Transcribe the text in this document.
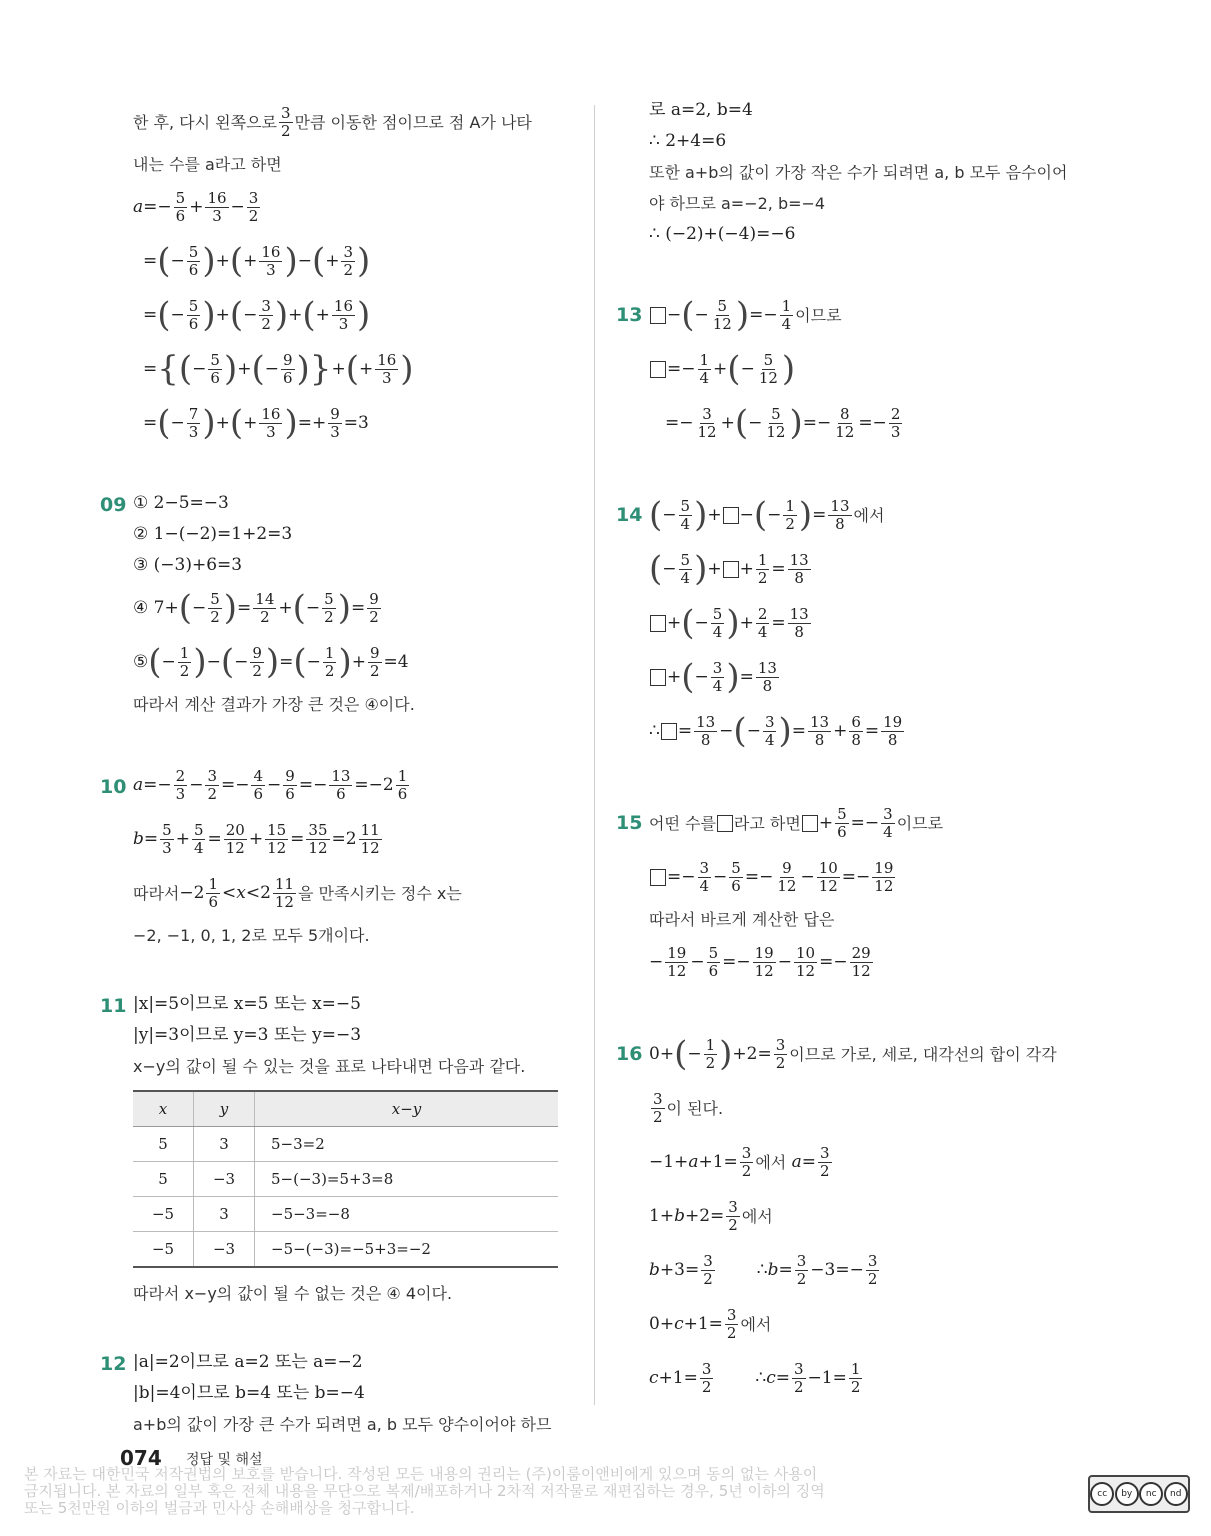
한 후, 다시 왼쪽으로 $\frac{3}{2}$ 만큼 이동한 점이므로 점 A가 나타
내는 수를 a라고 하면
$a =- \frac{5}{6} + \frac{16}{3} - \frac{3}{2}$
= ( − $\frac{5}{6}$ ) + ( + $\frac{16}{3}$ ) − ( + $\frac{3}{2}$ )
= ( − $\frac{5}{6}$ ) + ( − $\frac{3}{2}$ ) + ( + $\frac{16}{3}$ )
= { ( − $\frac{5}{6}$ ) + ( − $\frac{9}{6}$ ) } + ( + $\frac{16}{3}$ )
= ( − $\frac{7}{3}$ ) + ( + $\frac{16}{3}$ ) =+ $\frac{9}{3} =3$
09 ① 2−5=−3
② 1−(−2)=1+2=3
③ (−3)+6=3
④ 7+ ( − $\frac{5}{2}$ ) = $\frac{14}{2}$ + ( − $\frac{5}{2}$ ) = $\frac{9}{2}$
⑤ ( − $\frac{1}{2}$ ) − ( − $\frac{9}{2}$ ) = ( − $\frac{1}{2}$ ) + $\frac{9}{2} =4$
따라서 계산 결과가 가장 큰 것은 ④이다.
10 $a =- \frac{2}{3} - \frac{3}{2} =- \frac{4}{6} - \frac{9}{6} =- \frac{13}{6} =-2 \frac{1}{6}$
$b = \frac{5}{3} + \frac{5}{4} = \frac{20}{12} + \frac{15}{12} = \frac{35}{12} =2 \frac{11}{12}$
따라서 $-2 \frac{1}{6} < x <2 \frac{11}{12}$ 을 만족시키는 정수 x는
−2, −1, 0, 1, 2로 모두 5개이다.
11 |x|=5이므로 x=5 또는 x=−5
|y|=3이므로 y=3 또는 y=−3
x−y의 값이 될 수 있는 것을 표로 나타내면 다음과 같다.
x	y	x−y
5	3	5−3=2
5	−3	5−(−3)=5+3=8
−5	3	−5−3=−8
−5	−3	−5−(−3)=−5+3=−2
따라서 x−y의 값이 될 수 없는 것은 ④ 4이다.
12 |a|=2이므로 a=2 또는 a=−2
|b|=4이므로 b=4 또는 b=−4
a+b의 값이 가장 큰 수가 되려면 a, b 모두 양수이어야 하므
로 a=2, b=4
∴ 2+4=6
또한 a+b의 값이 가장 작은 수가 되려면 a, b 모두 음수이어
야 하므로 a=−2, b=−4
∴ (−2)+(−4)=−6
13	− ( − $\frac{5}{12}$ ) =− $\frac{1}{4}$ 이므로
=− $\frac{1}{4}$ + ( − $\frac{5}{12}$ )
=− $\frac{3}{12}$ + ( − $\frac{5}{12}$ ) =− $\frac{8}{12} =- \frac{2}{3}$
14 ( − $\frac{5}{4}$ ) + − ( − $\frac{1}{2}$ ) = $\frac{13}{8}$ 에서
( − $\frac{5}{4}$ ) + + $\frac{1}{2} = \frac{13}{8}$
+ ( − $\frac{5}{4}$ ) + $\frac{2}{4} = \frac{13}{8}$
+ ( − $\frac{3}{4}$ ) = $\frac{13}{8}$
∴
= $\frac{13}{8}$ − ( − $\frac{3}{4}$ ) = $\frac{13}{8} + \frac{6}{8} = \frac{19}{8}$
15 어떤 수를 라고 하면 + $\frac{5}{6} =- \frac{3}{4}$ 이므로
=− $\frac{3}{4} - \frac{5}{6} =- \frac{9}{12} - \frac{10}{12} =- \frac{19}{12}$
따라서 바르게 계산한 답은
− $\frac{19}{12} - \frac{5}{6} =- \frac{19}{12} - \frac{10}{12} =- \frac{29}{12}$
16 0+ ( − $\frac{1}{2}$ ) $+2= \frac{3}{2}$ 이므로 가로, 세로, 대각선의 합이 각각
$\frac{3}{2}$ 이 된다.
$-1+ a +1= \frac{3}{2}$ 에서
$a = \frac{3}{2}$
$1+ b +2= \frac{3}{2}$ 에서
$b +3= \frac{3}{2}$ ∴ $b = \frac{3}{2} -3=- \frac{3}{2}$
$0+ c +1= \frac{3}{2}$ 에서
$c +1= \frac{3}{2}$ ∴ $c = \frac{3}{2} -1= \frac{1}{2}$
074 정답 및 해설
본 자료는 대한민국 저작권법의 보호를 받습니다. 작성된 모든 내용의 권리는 (주)이룸이앤비에게 있으며 동의 없는 사용이
금지됩니다. 본 자료의 일부 혹은 전체 내용을 무단으로 복제/배포하거나 2차적 저작물로 재편집하는 경우, 5년 이하의 징역
또는 5천만원 이하의 벌금과 민사상 손해배상을 청구합니다.
cc	by	nc	nd
